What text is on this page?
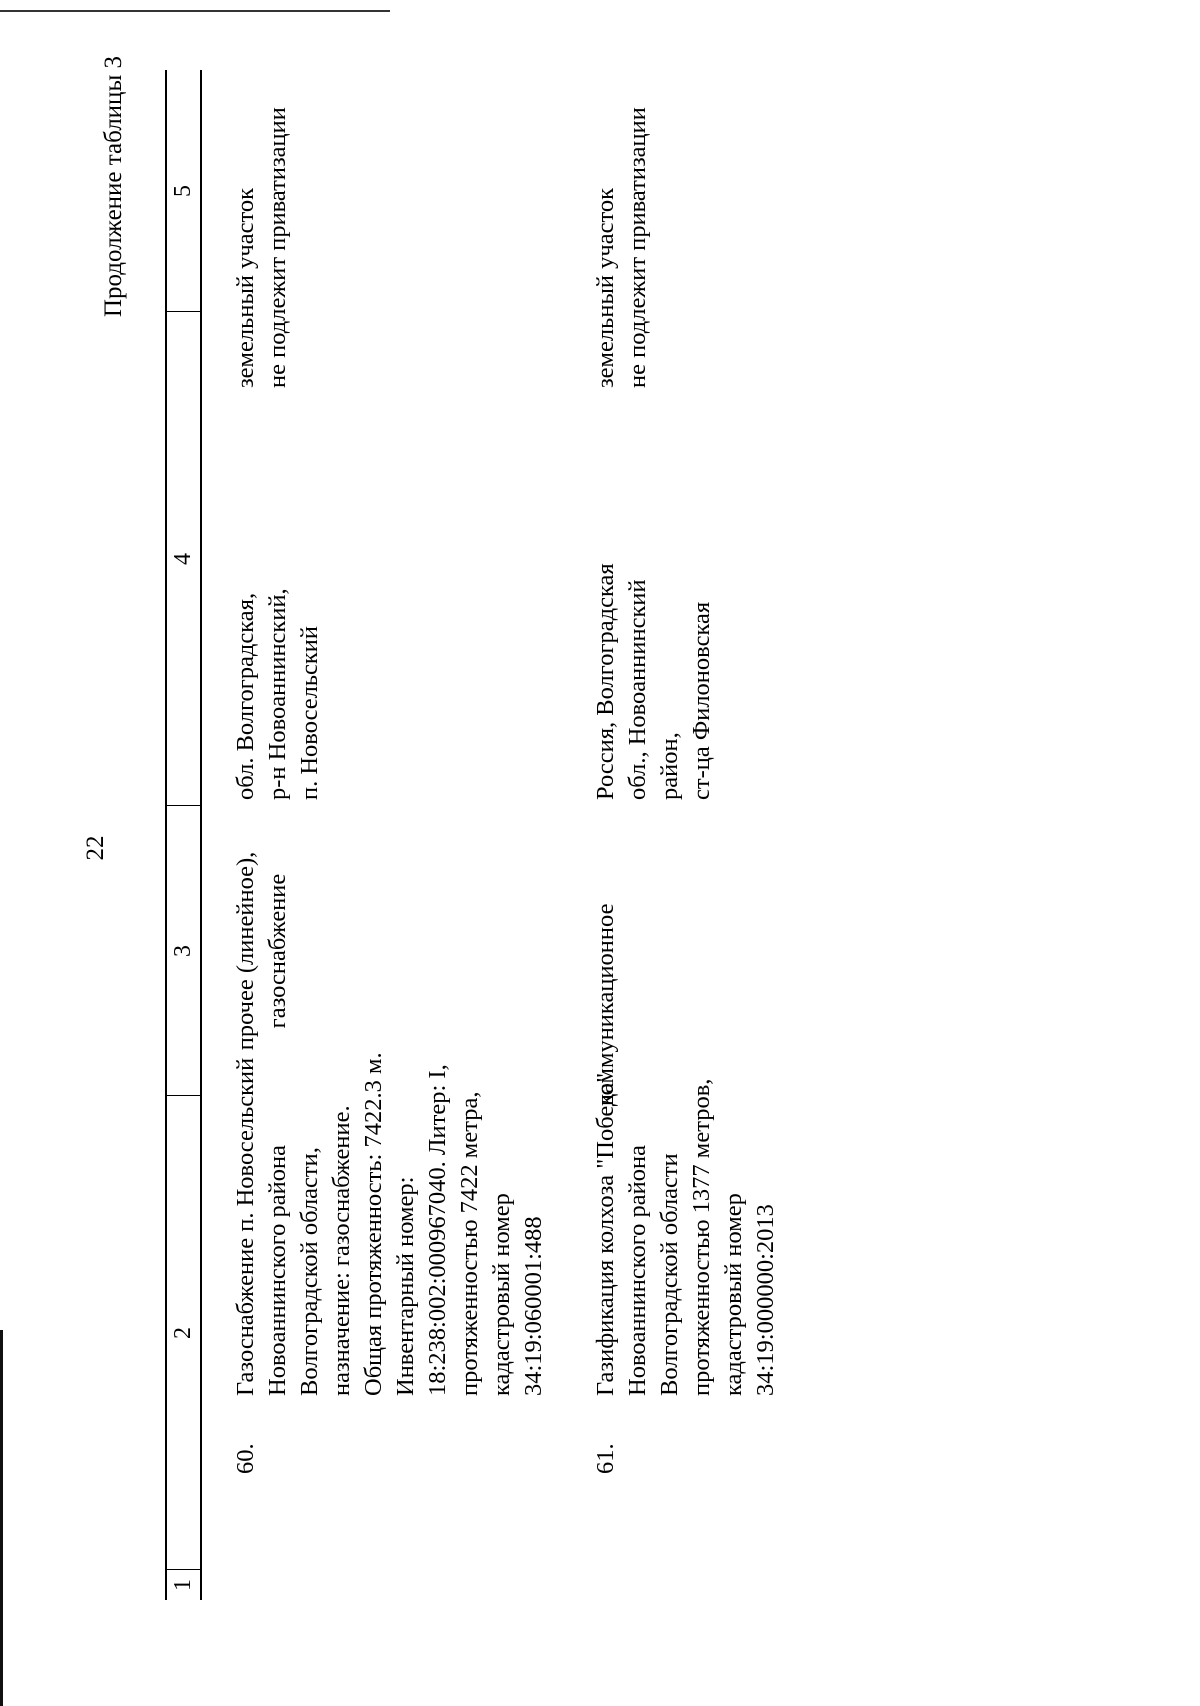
22
Продолжение таблицы 3
1
2
3
4
5
60.
Газоснабжение п. Новосельский Новоаннинского района Волгоградской области, назначение: газоснабжение. Общая протяженность: 7422.3 м. Инвентарный номер: 18:238:002:000967040. Литер: I, протяженностью 7422 метра, кадастровый номер 34:19:060001:488
прочее (линейное), газоснабжение
обл. Волгоградская, р-н Новоаннинский, п. Новосельский
земельный участок не подлежит приватизации
61.
Газификация колхоза "Победа" Новоаннинского района Волгоградской области протяженностью 1377 метров, кадастровый номер 34:19:000000:2013
коммуникационное
Россия, Волгоградская обл., Новоаннинский район, ст-ца Филоновская
земельный участок не подлежит приватизации
